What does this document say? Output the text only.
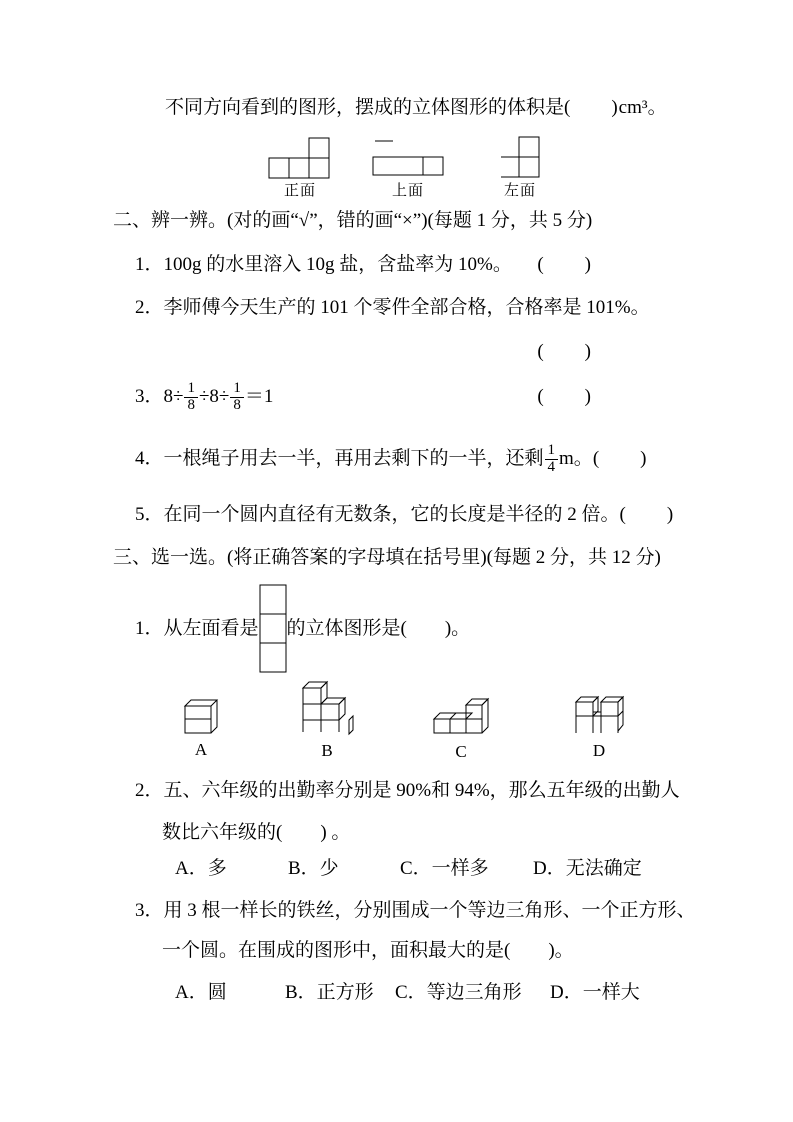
不同方向看到的图形，摆成的立体图形的体积是(　　)cm³。
正面	上面	左面
二、辨一辨。(对的画“√”，错的画“×”)(每题 1 分，共 5 分)
1． 100g 的水里溶入 10g 盐，含盐率为 10%。 (　　)
2．李师傅今天生产的 101 个零件全部合格，合格率是 101%。
(　　)
3． $8\div \frac{1}{8} \div 8\div \frac{1}{8} =1$	(　　)
4． 一根绳子用去一半，再用去剩下的一半，还剩 $\frac{1}{4}$ m。 (　　)
5． 在同一个圆内直径有无数条，它的长度是半径的 2 倍。 (　　)
三、选一选。(将正确答案的字母填在括号里)(每题 2 分，共 12 分)
1． 从左面看是 的立体图形是(　　)。
A	B	C	D
2．五、六年级的出勤率分别是 90%和 94%，那么五年级的出勤人
数比六年级的(　　) 。
A．多	B．少	C．一样多 D．无法确定
3．用 3 根一样长的铁丝，分别围成一个等边三角形、一个正方形、
一个圆。在围成的图形中，面积最大的是(　　)。
A．圆	B．正方形 C．等边三角形 D．一样大
